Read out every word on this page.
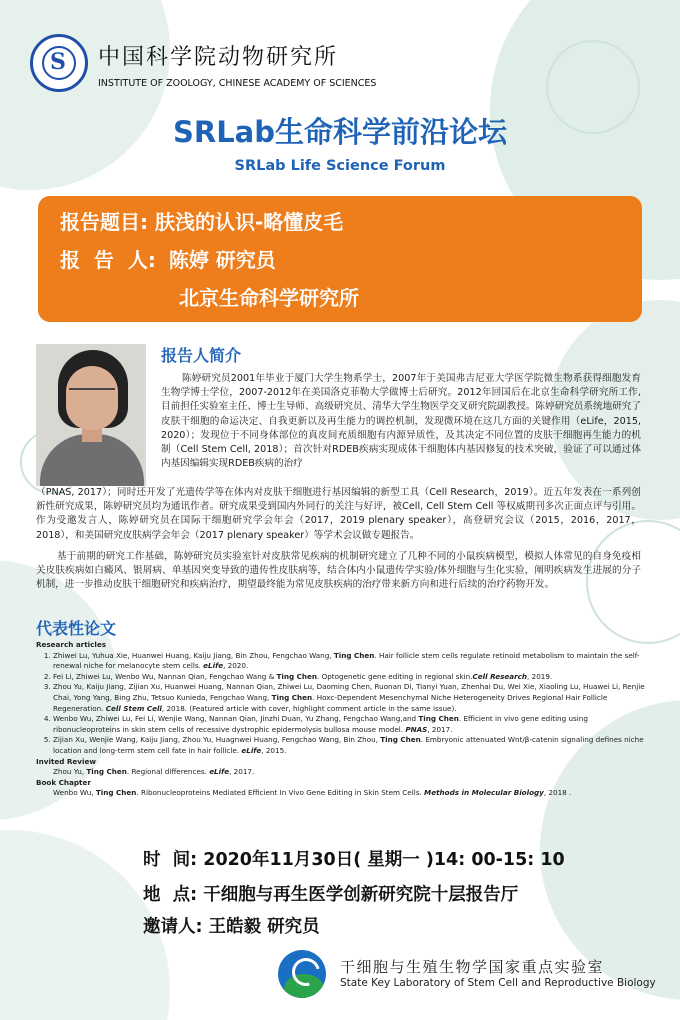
S 中国科学院动物研究所
INSTITUTE OF ZOOLOGY, CHINESE ACADEMY OF SCIENCES
SRLab生命科学前沿论坛
SRLab Life Science Forum
报告题目: 肤浅的认识-略懂皮毛
报  告  人: 陈婷 研究员
北京生命科学研究所
报告人简介
陈婷研究员2001年毕业于厦门大学生物系学士，2007年于美国弗吉尼亚大学医学院微生物系获得细胞发育生物学博士学位，2007-2012年在美国洛克菲勒大学做博士后研究。2012年回国后在北京生命科学研究所工作,目前担任实验室主任、博士生导师、高级研究员、清华大学生物医学交叉研究院副教授。陈婷研究员系统地研究了皮肤干细胞的命运决定、自我更新以及再生能力的调控机制，发现微环境在这几方面的关键作用（eLife，2015, 2020）；发现位于不同身体部位的真皮间充质细胞有内源异质性，及其决定不同位置的皮肤干细胞再生能力的机制（Cell Stem Cell, 2018）；首次针对RDEB疾病实现成体干细胞体内基因修复的技术突破，验证了可以通过体内基因编辑实现RDEB疾病的治疗
（PNAS, 2017）；同时还开发了光遗传学等在体内对皮肤干细胞进行基因编辑的新型工具（Cell Research，2019）。近五年发表在一系列创新性研究成果，陈婷研究员均为通讯作者。研究成果受到国内外同行的关注与好评，被Cell, Cell Stem Cell 等权威期刊多次正面点评与引用。作为受邀发言人，陈婷研究员在国际干细胞研究学会年会（2017，2019 plenary speaker），高登研究会议（2015，2016，2017，2018），和美国研究皮肤病学会年会（2017 plenary speaker）等学术会议做专题报告。
基于前期的研究工作基础，陈婷研究员实验室针对皮肤常见疾病的机制研究建立了几种不同的小鼠疾病模型，模拟人体常见的自身免疫相关皮肤疾病如白癜风、银屑病、单基因突变导致的遗传性皮肤病等，结合体内小鼠遗传学实验/体外细胞与生化实验，阐明疾病发生进展的分子机制，进一步推动皮肤干细胞研究和疾病治疗，期望最终能为常见皮肤疾病的治疗带来新方向和进行后续的治疗药物开发。
代表性论文
Research articles
1. Zhiwei Lu, Yuhua Xie, Huanwei Huang, Kaiju Jiang, Bin Zhou, Fengchao Wang, Ting Chen. Hair follicle stem cells regulate retinoid metabolism to maintain the self-renewal niche for melanocyte stem cells. eLife, 2020.
2. Fei Li, Zhiwei Lu, Wenbo Wu, Nannan Qian, Fengchao Wang & Ting Chen. Optogenetic gene editing in regional skin.Cell Research, 2019.
3. Zhou Yu, Kaiju Jiang, Zijian Xu, Huanwei Huang, Nannan Qian, Zhiwei Lu, Daoming Chen, Ruonan Di, Tianyi Yuan, Zhenhai Du, Wei Xie, Xiaoling Lu, Huawei Li, Renjie Chai, Yong Yang, Bing Zhu, Tetsuo Kunieda, Fengchao Wang, Ting Chen. Hoxc-Dependent Mesenchymal Niche Heterogeneity Drives Regional Hair Follicle Regeneration. Cell Stem Cell, 2018. (Featured article with cover, highlight comment article in the same issue).
4. Wenbo Wu, Zhiwei Lu, Fei Li, Wenjie Wang, Nannan Qian, Jinzhi Duan, Yu Zhang, Fengchao Wang,and Ting Chen. Efficient in vivo gene editing using ribonucleoproteins in skin stem cells of recessive dystrophic epidermolysis bullosa mouse model. PNAS, 2017.
5. Zijian Xu, Wenjie Wang, Kaiju Jiang, Zhou Yu, Huagnwei Huang, Fengchao Wang, Bin Zhou, Ting Chen. Embryonic attenuated Wnt/β-catenin signaling defines niche location and long-term stem cell fate in hair follicle. eLife, 2015.
Invited Review
Zhou Yu, Ting Chen. Regional differences. eLife, 2017.
Book Chapter
Wenbo Wu, Ting Chen. Ribonucleoproteins Mediated Efficient In Vivo Gene Editing in Skin Stem Cells. Methods in Molecular Biology, 2018 .
时  间: 2020年11月30日( 星期一 )14: 00-15: 10
地  点: 干细胞与再生医学创新研究院十层报告厅
邀请人: 王皓毅 研究员
干细胞与生殖生物学国家重点实验室
State Key Laboratory of Stem Cell and Reproductive Biology
